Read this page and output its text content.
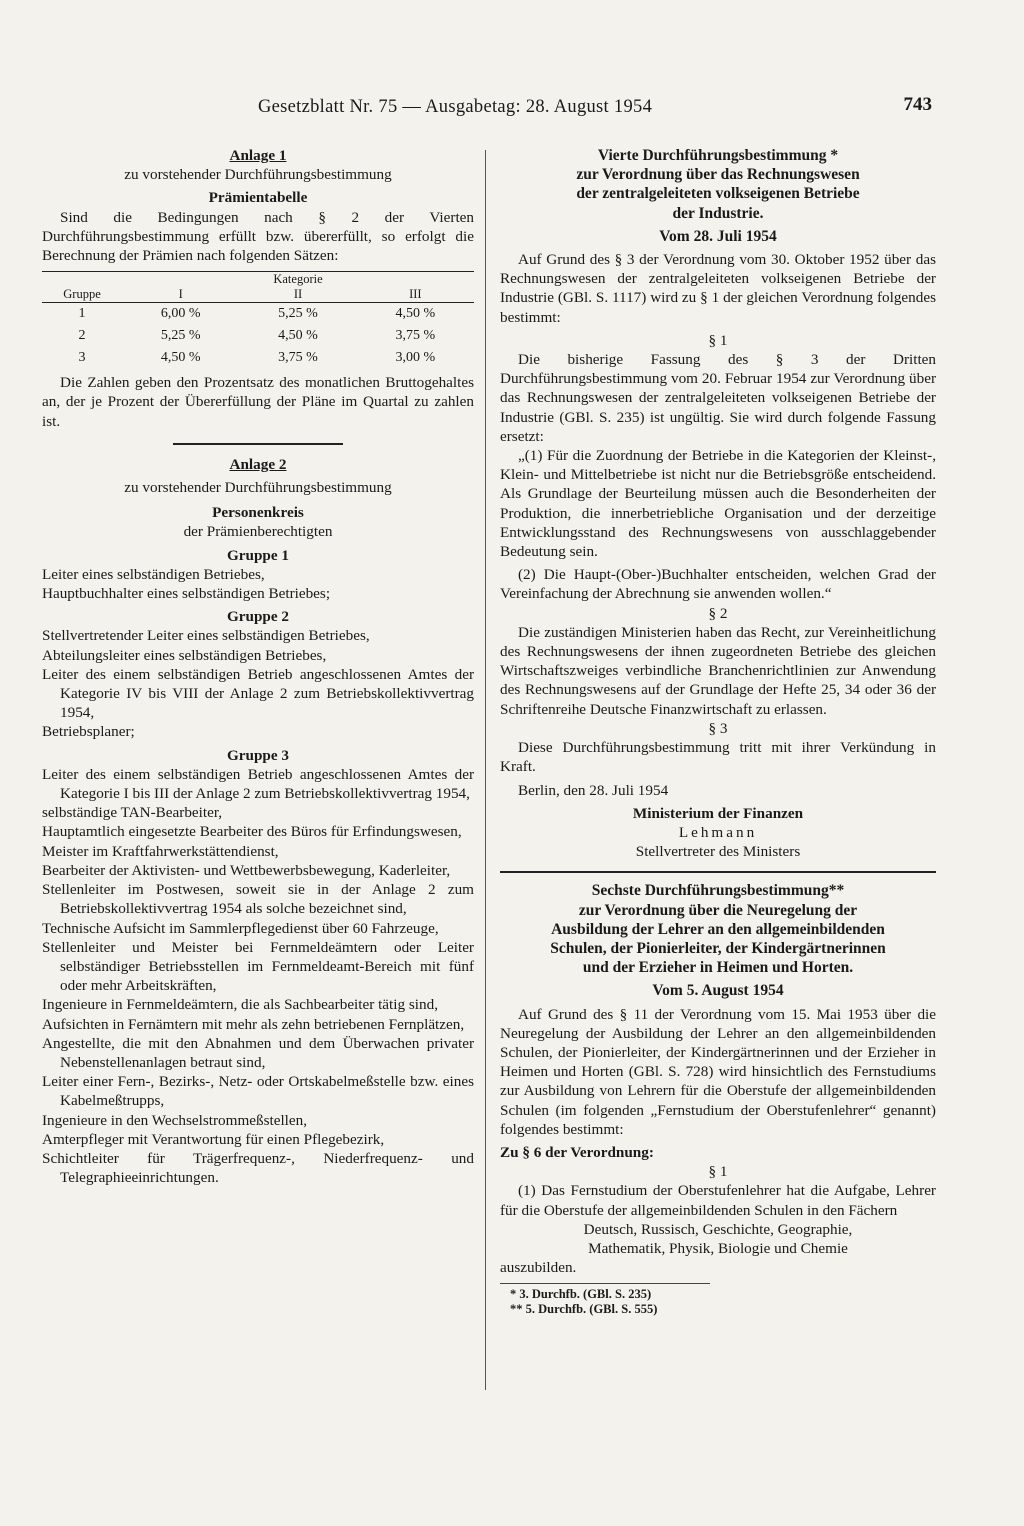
Gesetzblatt Nr. 75 — Ausgabetag: 28. August 1954	743
Anlage 1
zu vorstehender Durchführungsbestimmung
Prämientabelle
Sind die Bedingungen nach § 2 der Vierten Durchführungsbestimmung erfüllt bzw. übererfüllt, so erfolgt die Berechnung der Prämien nach folgenden Sätzen:
	Kategorie		
Gruppe	I	II	III
1	6,00 %	5,25 %	4,50 %
2	5,25 %	4,50 %	3,75 %
3	4,50 %	3,75 %	3,00 %
Die Zahlen geben den Prozentsatz des monatlichen Bruttogehaltes an, der je Prozent der Übererfüllung der Pläne im Quartal zu zahlen ist.
Anlage 2
zu vorstehender Durchführungsbestimmung
Personenkreis
der Prämienberechtigten
Gruppe 1
Leiter eines selbständigen Betriebes,
Hauptbuchhalter eines selbständigen Betriebes;
Gruppe 2
Stellvertretender Leiter eines selbständigen Betriebes,
Abteilungsleiter eines selbständigen Betriebes,
Leiter des einem selbständigen Betrieb angeschlossenen Amtes der Kategorie IV bis VIII der Anlage 2 zum Betriebskollektivvertrag 1954,
Betriebsplaner;
Gruppe 3
Leiter des einem selbständigen Betrieb angeschlossenen Amtes der Kategorie I bis III der Anlage 2 zum Betriebskollektivvertrag 1954,
selbständige TAN-Bearbeiter,
Hauptamtlich eingesetzte Bearbeiter des Büros für Erfindungswesen,
Meister im Kraftfahrwerkstättendienst,
Bearbeiter der Aktivisten- und Wettbewerbsbewegung, Kaderleiter,
Stellenleiter im Postwesen, soweit sie in der Anlage 2 zum Betriebskollektivvertrag 1954 als solche bezeichnet sind,
Technische Aufsicht im Sammlerpflegedienst über 60 Fahrzeuge,
Stellenleiter und Meister bei Fernmeldeämtern oder Leiter selbständiger Betriebsstellen im Fernmeldeamt-Bereich mit fünf oder mehr Arbeitskräften,
Ingenieure in Fernmeldeämtern, die als Sachbearbeiter tätig sind,
Aufsichten in Fernämtern mit mehr als zehn betriebenen Fernplätzen,
Angestellte, die mit den Abnahmen und dem Überwachen privater Nebenstellenanlagen betraut sind,
Leiter einer Fern-, Bezirks-, Netz- oder Ortskabelmeßstelle bzw. eines Kabelmeßtrupps,
Ingenieure in den Wechselstrommeßstellen,
Amterpfleger mit Verantwortung für einen Pflegebezirk,
Schichtleiter für Trägerfrequenz-, Niederfrequenz- und Telegraphieeinrichtungen.
Vierte Durchführungsbestimmung *
zur Verordnung über das Rechnungswesen
der zentralgeleiteten volkseigenen Betriebe
der Industrie.
Vom 28. Juli 1954
Auf Grund des § 3 der Verordnung vom 30. Oktober 1952 über das Rechnungswesen der zentralgeleiteten volkseigenen Betriebe der Industrie (GBl. S. 1117) wird zu § 1 der gleichen Verordnung folgendes bestimmt:
§ 1
Die bisherige Fassung des § 3 der Dritten Durchführungsbestimmung vom 20. Februar 1954 zur Verordnung über das Rechnungswesen der zentralgeleiteten volkseigenen Betriebe der Industrie (GBl. S. 235) ist ungültig. Sie wird durch folgende Fassung ersetzt:
„(1) Für die Zuordnung der Betriebe in die Kategorien der Kleinst-, Klein- und Mittelbetriebe ist nicht nur die Betriebsgröße entscheidend. Als Grundlage der Beurteilung müssen auch die Besonderheiten der Produktion, die innerbetriebliche Organisation und der derzeitige Entwicklungsstand des Rechnungswesens von ausschlaggebender Bedeutung sein.
(2) Die Haupt-(Ober-)Buchhalter entscheiden, welchen Grad der Vereinfachung der Abrechnung sie anwenden wollen.“
§ 2
Die zuständigen Ministerien haben das Recht, zur Vereinheitlichung des Rechnungswesens der ihnen zugeordneten Betriebe des gleichen Wirtschaftszweiges verbindliche Branchenrichtlinien zur Anwendung des Rechnungswesens auf der Grundlage der Hefte 25, 34 oder 36 der Schriftenreihe Deutsche Finanzwirtschaft zu erlassen.
§ 3
Diese Durchführungsbestimmung tritt mit ihrer Verkündung in Kraft.
Berlin, den 28. Juli 1954
Ministerium der Finanzen
Lehmann
Stellvertreter des Ministers
Sechste Durchführungsbestimmung**
zur Verordnung über die Neuregelung der
Ausbildung der Lehrer an den allgemeinbildenden
Schulen, der Pionierleiter, der Kindergärtnerinnen
und der Erzieher in Heimen und Horten.
Vom 5. August 1954
Auf Grund des § 11 der Verordnung vom 15. Mai 1953 über die Neuregelung der Ausbildung der Lehrer an den allgemeinbildenden Schulen, der Pionierleiter, der Kindergärtnerinnen und der Erzieher in Heimen und Horten (GBl. S. 728) wird hinsichtlich des Fernstudiums zur Ausbildung von Lehrern für die Oberstufe der allgemeinbildenden Schulen (im folgenden „Fernstudium der Oberstufenlehrer“ genannt) folgendes bestimmt:
Zu § 6 der Verordnung:
§ 1
(1) Das Fernstudium der Oberstufenlehrer hat die Aufgabe, Lehrer für die Oberstufe der allgemeinbildenden Schulen in den Fächern
Deutsch, Russisch, Geschichte, Geographie,
Mathematik, Physik, Biologie und Chemie
auszubilden.
* 3. Durchfb. (GBl. S. 235)
** 5. Durchfb. (GBl. S. 555)
